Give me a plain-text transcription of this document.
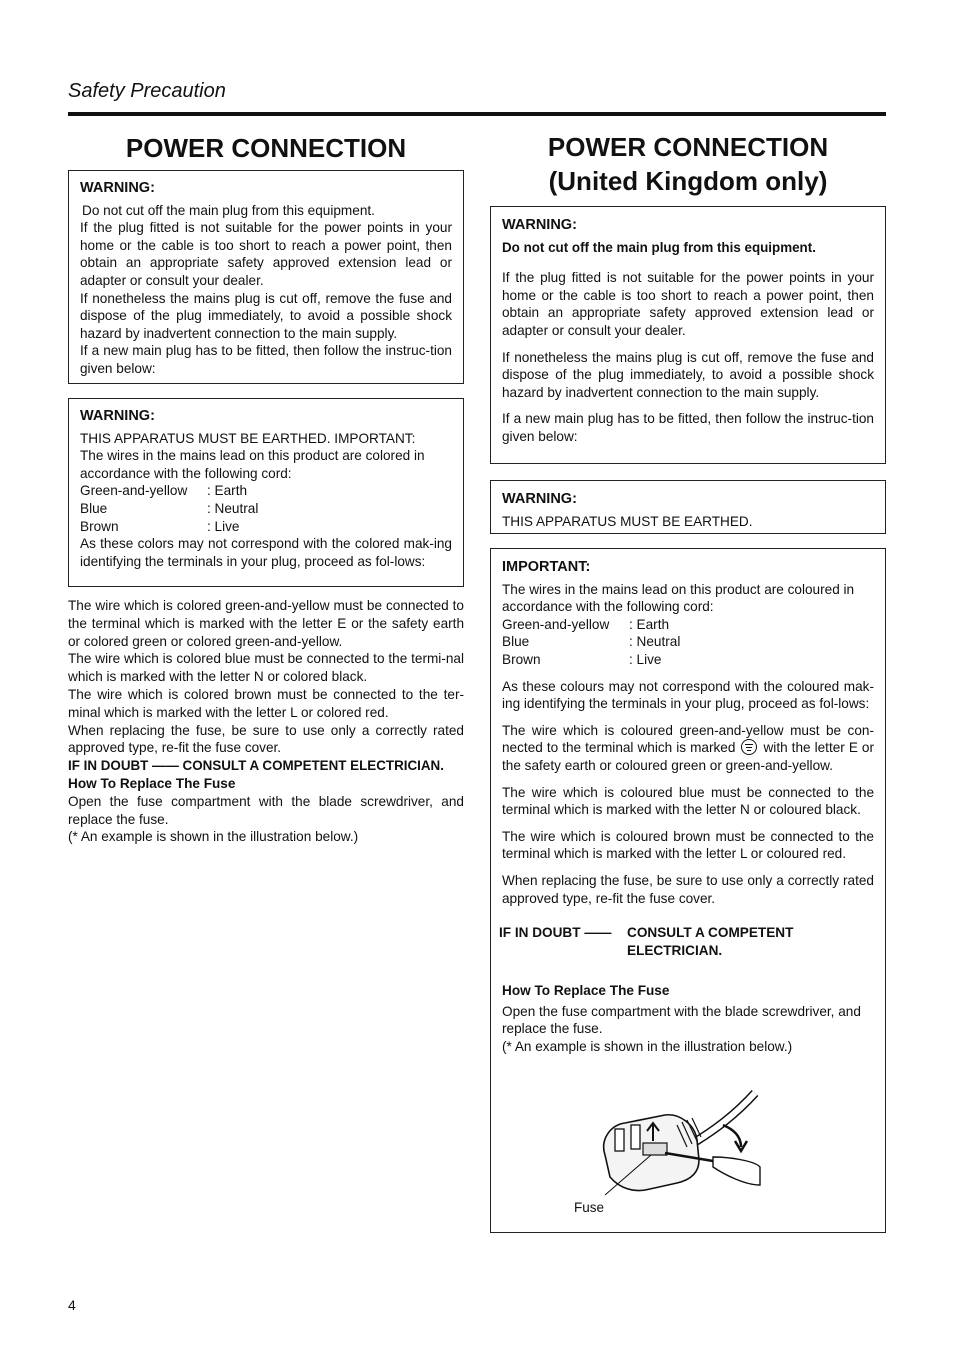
Safety Precaution
POWER CONNECTION
WARNING:

Do not cut off the main plug from this equipment.

If the plug fitted is not suitable for the power points in your home or the cable is too short to reach a power point, then obtain an appropriate safety approved extension lead or adapter or consult your dealer.

If nonetheless the mains plug is cut off, remove the fuse and dispose of the plug immediately, to avoid a possible shock hazard by inadvertent connection to the main supply.

If a new main plug has to be fitted, then follow the instruc-tion given below:

WARNING:

THIS APPARATUS MUST BE EARTHED. IMPORTANT:

The wires in the mains lead on this product are colored in accordance with the following cord:

Green-and-yellow	: Earth
Blue	: Neutral
Brown	: Live

As these colors may not correspond with the colored mak-ing identifying the terminals in your plug, proceed as fol-lows:

The wire which is colored green-and-yellow must be connected to the terminal which is marked with the letter E or the safety earth or colored green or colored green-and-yellow.

The wire which is colored blue must be connected to the termi-nal which is marked with the letter N or colored black.

The wire which is colored brown must be connected to the ter-minal which is marked with the letter L or colored red.

When replacing the fuse, be sure to use only a correctly rated approved type, re-fit the fuse cover.

IF IN DOUBT —— CONSULT A COMPETENT ELECTRICIAN.

How To Replace The Fuse

Open the fuse compartment with the blade screwdriver, and replace the fuse.

(* An example is shown in the illustration below.)

POWER CONNECTION
(United Kingdom only)
WARNING:

Do not cut off the main plug from this equipment.

If the plug fitted is not suitable for the power points in your home or the cable is too short to reach a power point, then obtain an appropriate safety approved extension lead or adapter or consult your dealer.

If nonetheless the mains plug is cut off, remove the fuse and dispose of the plug immediately, to avoid a possible shock hazard by inadvertent connection to the main supply.

If a new main plug has to be fitted, then follow the instruc-tion given below:

WARNING:

THIS APPARATUS MUST BE EARTHED.

IMPORTANT:

The wires in the mains lead on this product are coloured in accordance with the following cord:

Green-and-yellow	: Earth
Blue	: Neutral
Brown	: Live

As these colours may not correspond with the coloured mak-ing identifying the terminals in your plug, proceed as fol-lows:

The wire which is coloured green-and-yellow must be con-nected to the terminal which is marked with the letter E or the safety earth or coloured green or green-and-yellow.

The wire which is coloured blue must be connected to the terminal which is marked with the letter N or coloured black.

The wire which is coloured brown must be connected to the terminal which is marked with the letter L or coloured red.

When replacing the fuse, be sure to use only a correctly rated approved type, re-fit the fuse cover.

IF IN DOUBT ——	CONSULT A COMPETENT ELECTRICIAN.

How To Replace The Fuse

Open the fuse compartment with the blade screwdriver, and replace the fuse.

(* An example is shown in the illustration below.)

Fuse
4
